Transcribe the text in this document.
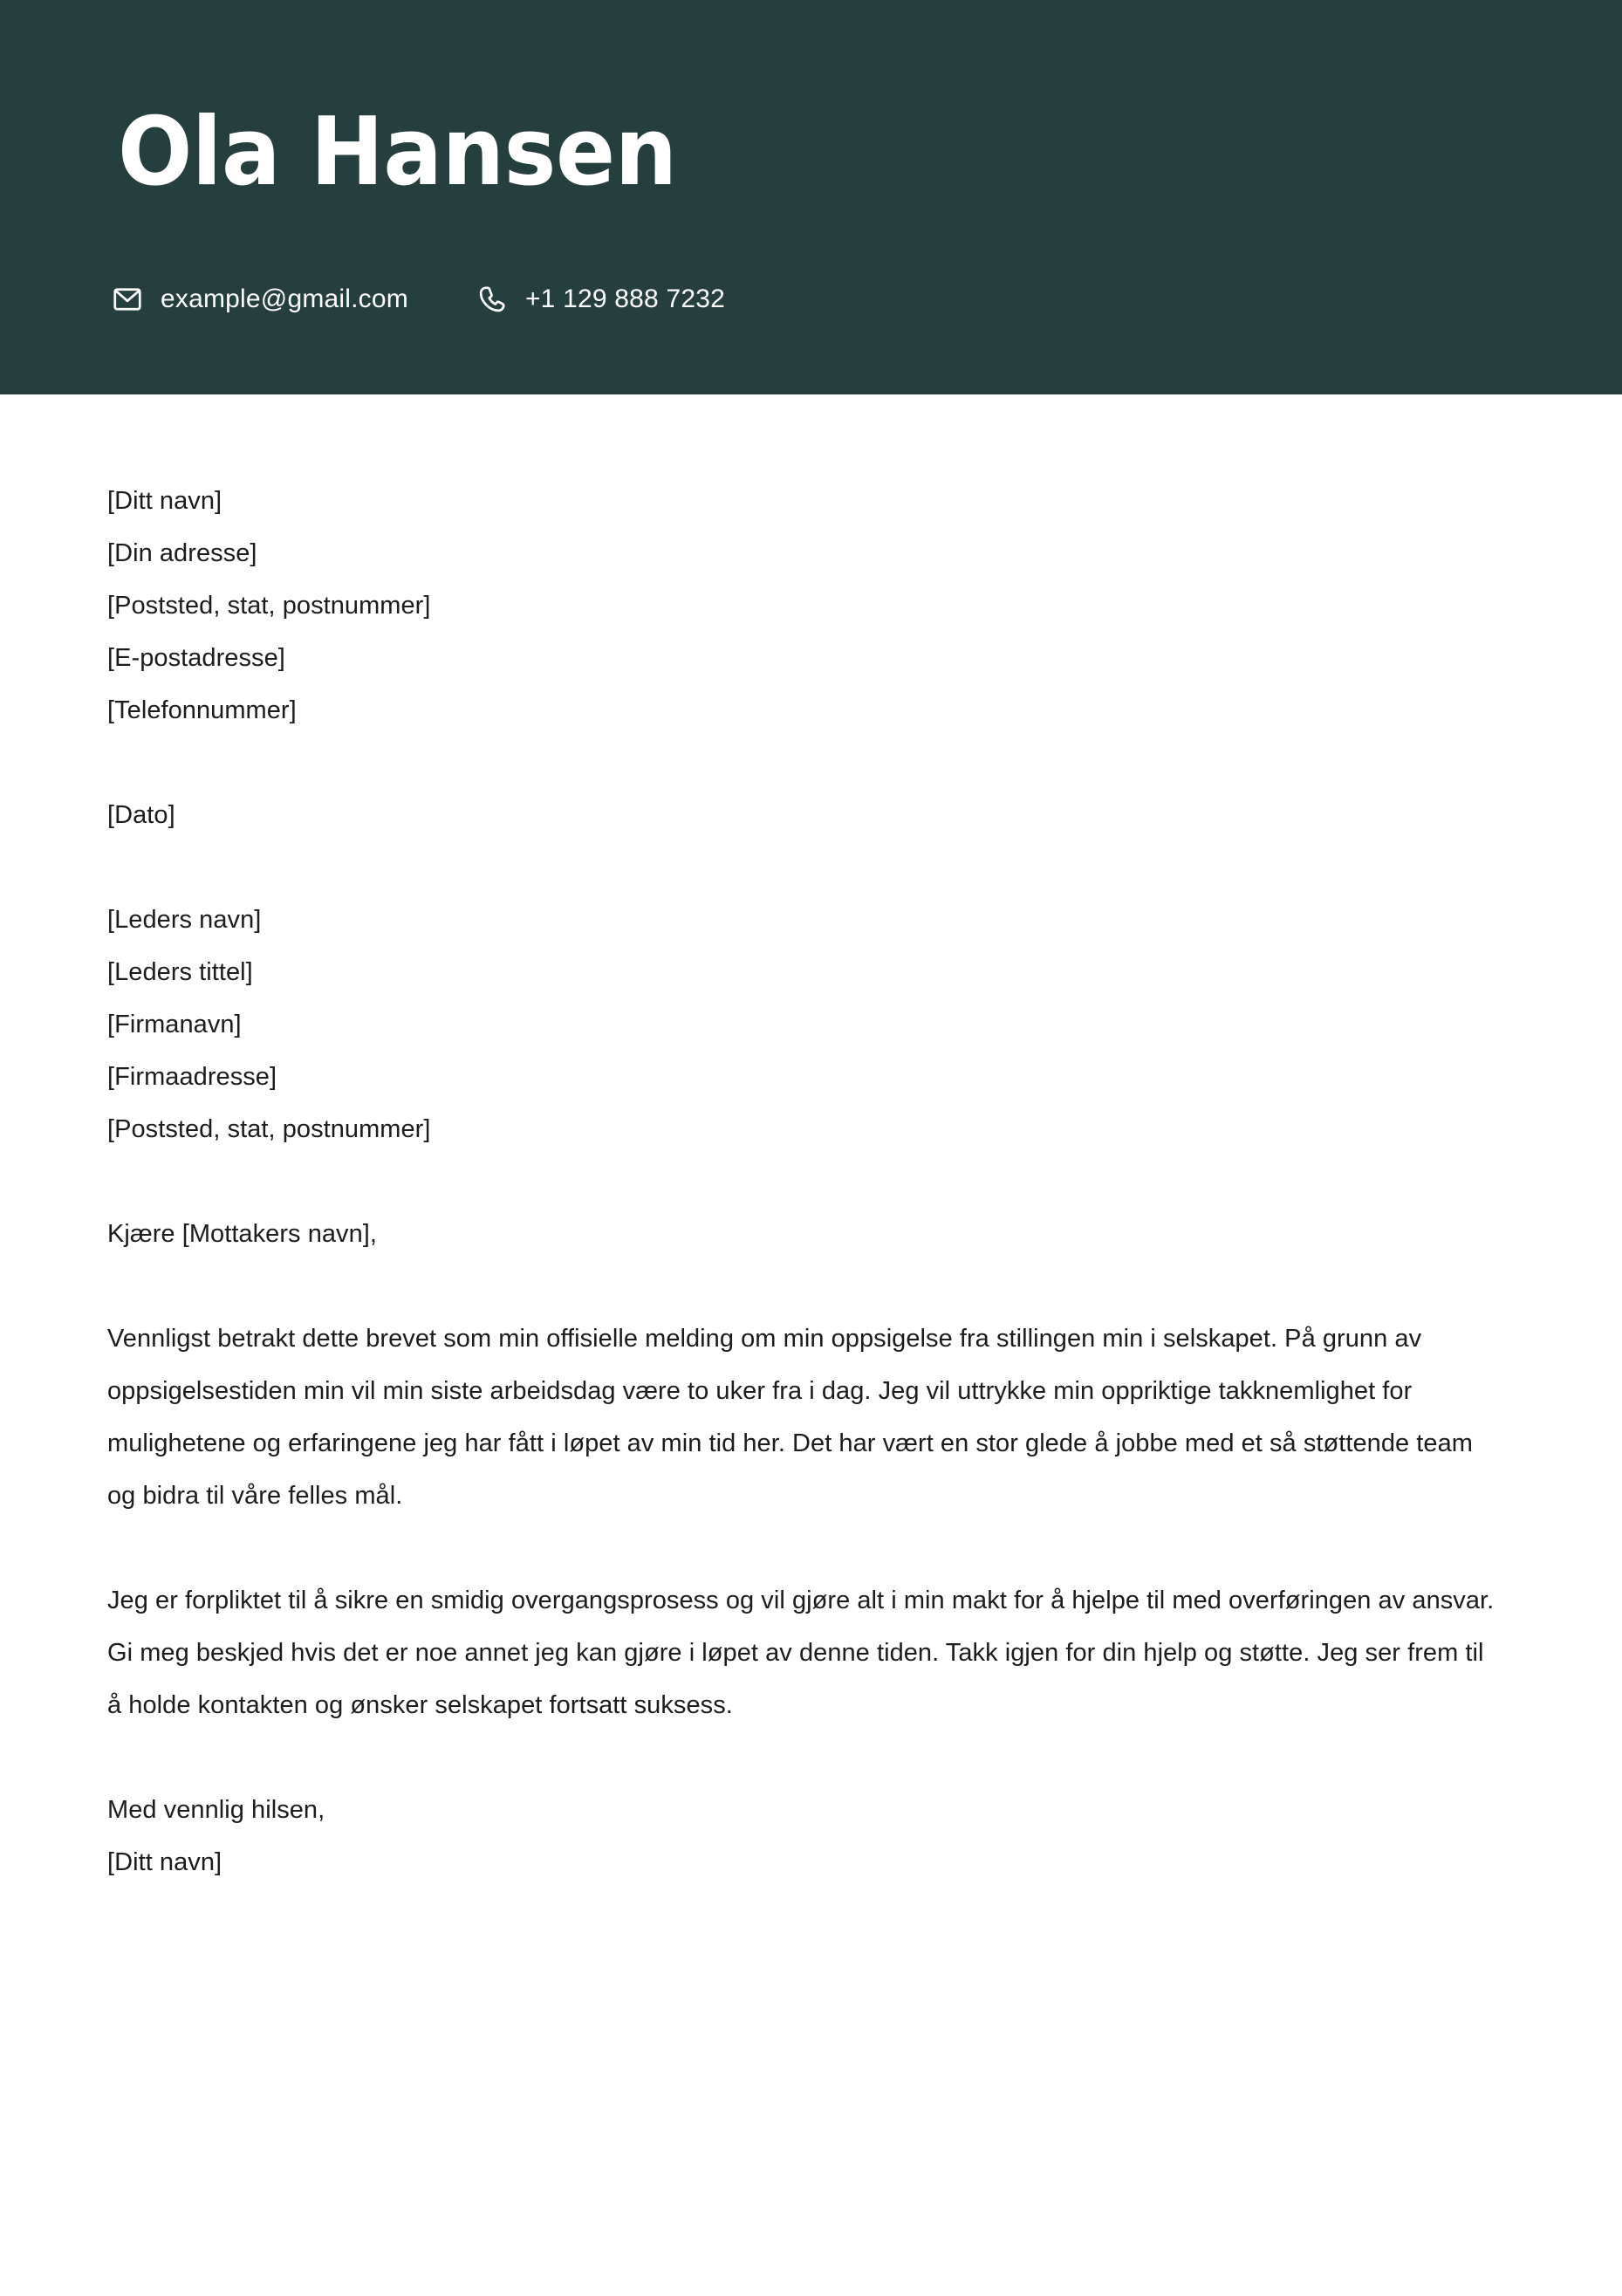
Ola Hansen
example@gmail.com	+1 129 888 7232
[Ditt navn]
[Din adresse]
[Poststed, stat, postnummer]
[E-postadresse]
[Telefonnummer]
[Dato]
[Leders navn]
[Leders tittel]
[Firmanavn]
[Firmaadresse]
[Poststed, stat, postnummer]
Kjære [Mottakers navn],

Vennligst betrakt dette brevet som min offisielle melding om min oppsigelse fra stillingen min i selskapet. På grunn av oppsigelsestiden min vil min siste arbeidsdag være to uker fra i dag. Jeg vil uttrykke min oppriktige takknemlighet for mulighetene og erfaringene jeg har fått i løpet av min tid her. Det har vært en stor glede å jobbe med et så støttende team og bidra til våre felles mål.

Jeg er forpliktet til å sikre en smidig overgangsprosess og vil gjøre alt i min makt for å hjelpe til med overføringen av ansvar. Gi meg beskjed hvis det er noe annet jeg kan gjøre i løpet av denne tiden. Takk igjen for din hjelp og støtte. Jeg ser frem til å holde kontakten og ønsker selskapet fortsatt suksess.

Med vennlig hilsen,
[Ditt navn]
